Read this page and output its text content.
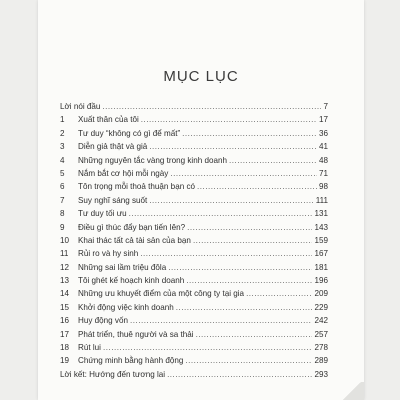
MỤC LỤC
Lời nói đầu .....	7
1	Xuất thân của tôi .....	17
2	Tư duy “không có gì để mất” .....	36
3	Diễn giả thật và giả .....	41
4	Những nguyên tắc vàng trong kinh doanh .....	48
5	Nắm bắt cơ hội mỗi ngày .....	71
6	Tôn trọng mỗi thoả thuận bạn có .....	98
7	Suy nghĩ sáng suốt .....	111
8	Tư duy tối ưu .....	131
9	Điều gì thúc đẩy bạn tiến lên? .....	143
10	Khai thác tất cả tài sản của bạn .....	159
11	Rủi ro và hy sinh .....	167
12	Những sai lầm triệu đôla .....	181
13	Tôi ghét kế hoạch kinh doanh .....	196
14	Những ưu khuyết điểm của một công ty tại gia .....	209
15	Khởi động việc kinh doanh .....	229
16	Huy động vốn .....	242
17	Phát triển, thuê người và sa thải .....	257
18	Rút lui .....	278
19	Chứng minh bằng hành động .....	289
Lời kết: Hướng đến tương lai .....	293
